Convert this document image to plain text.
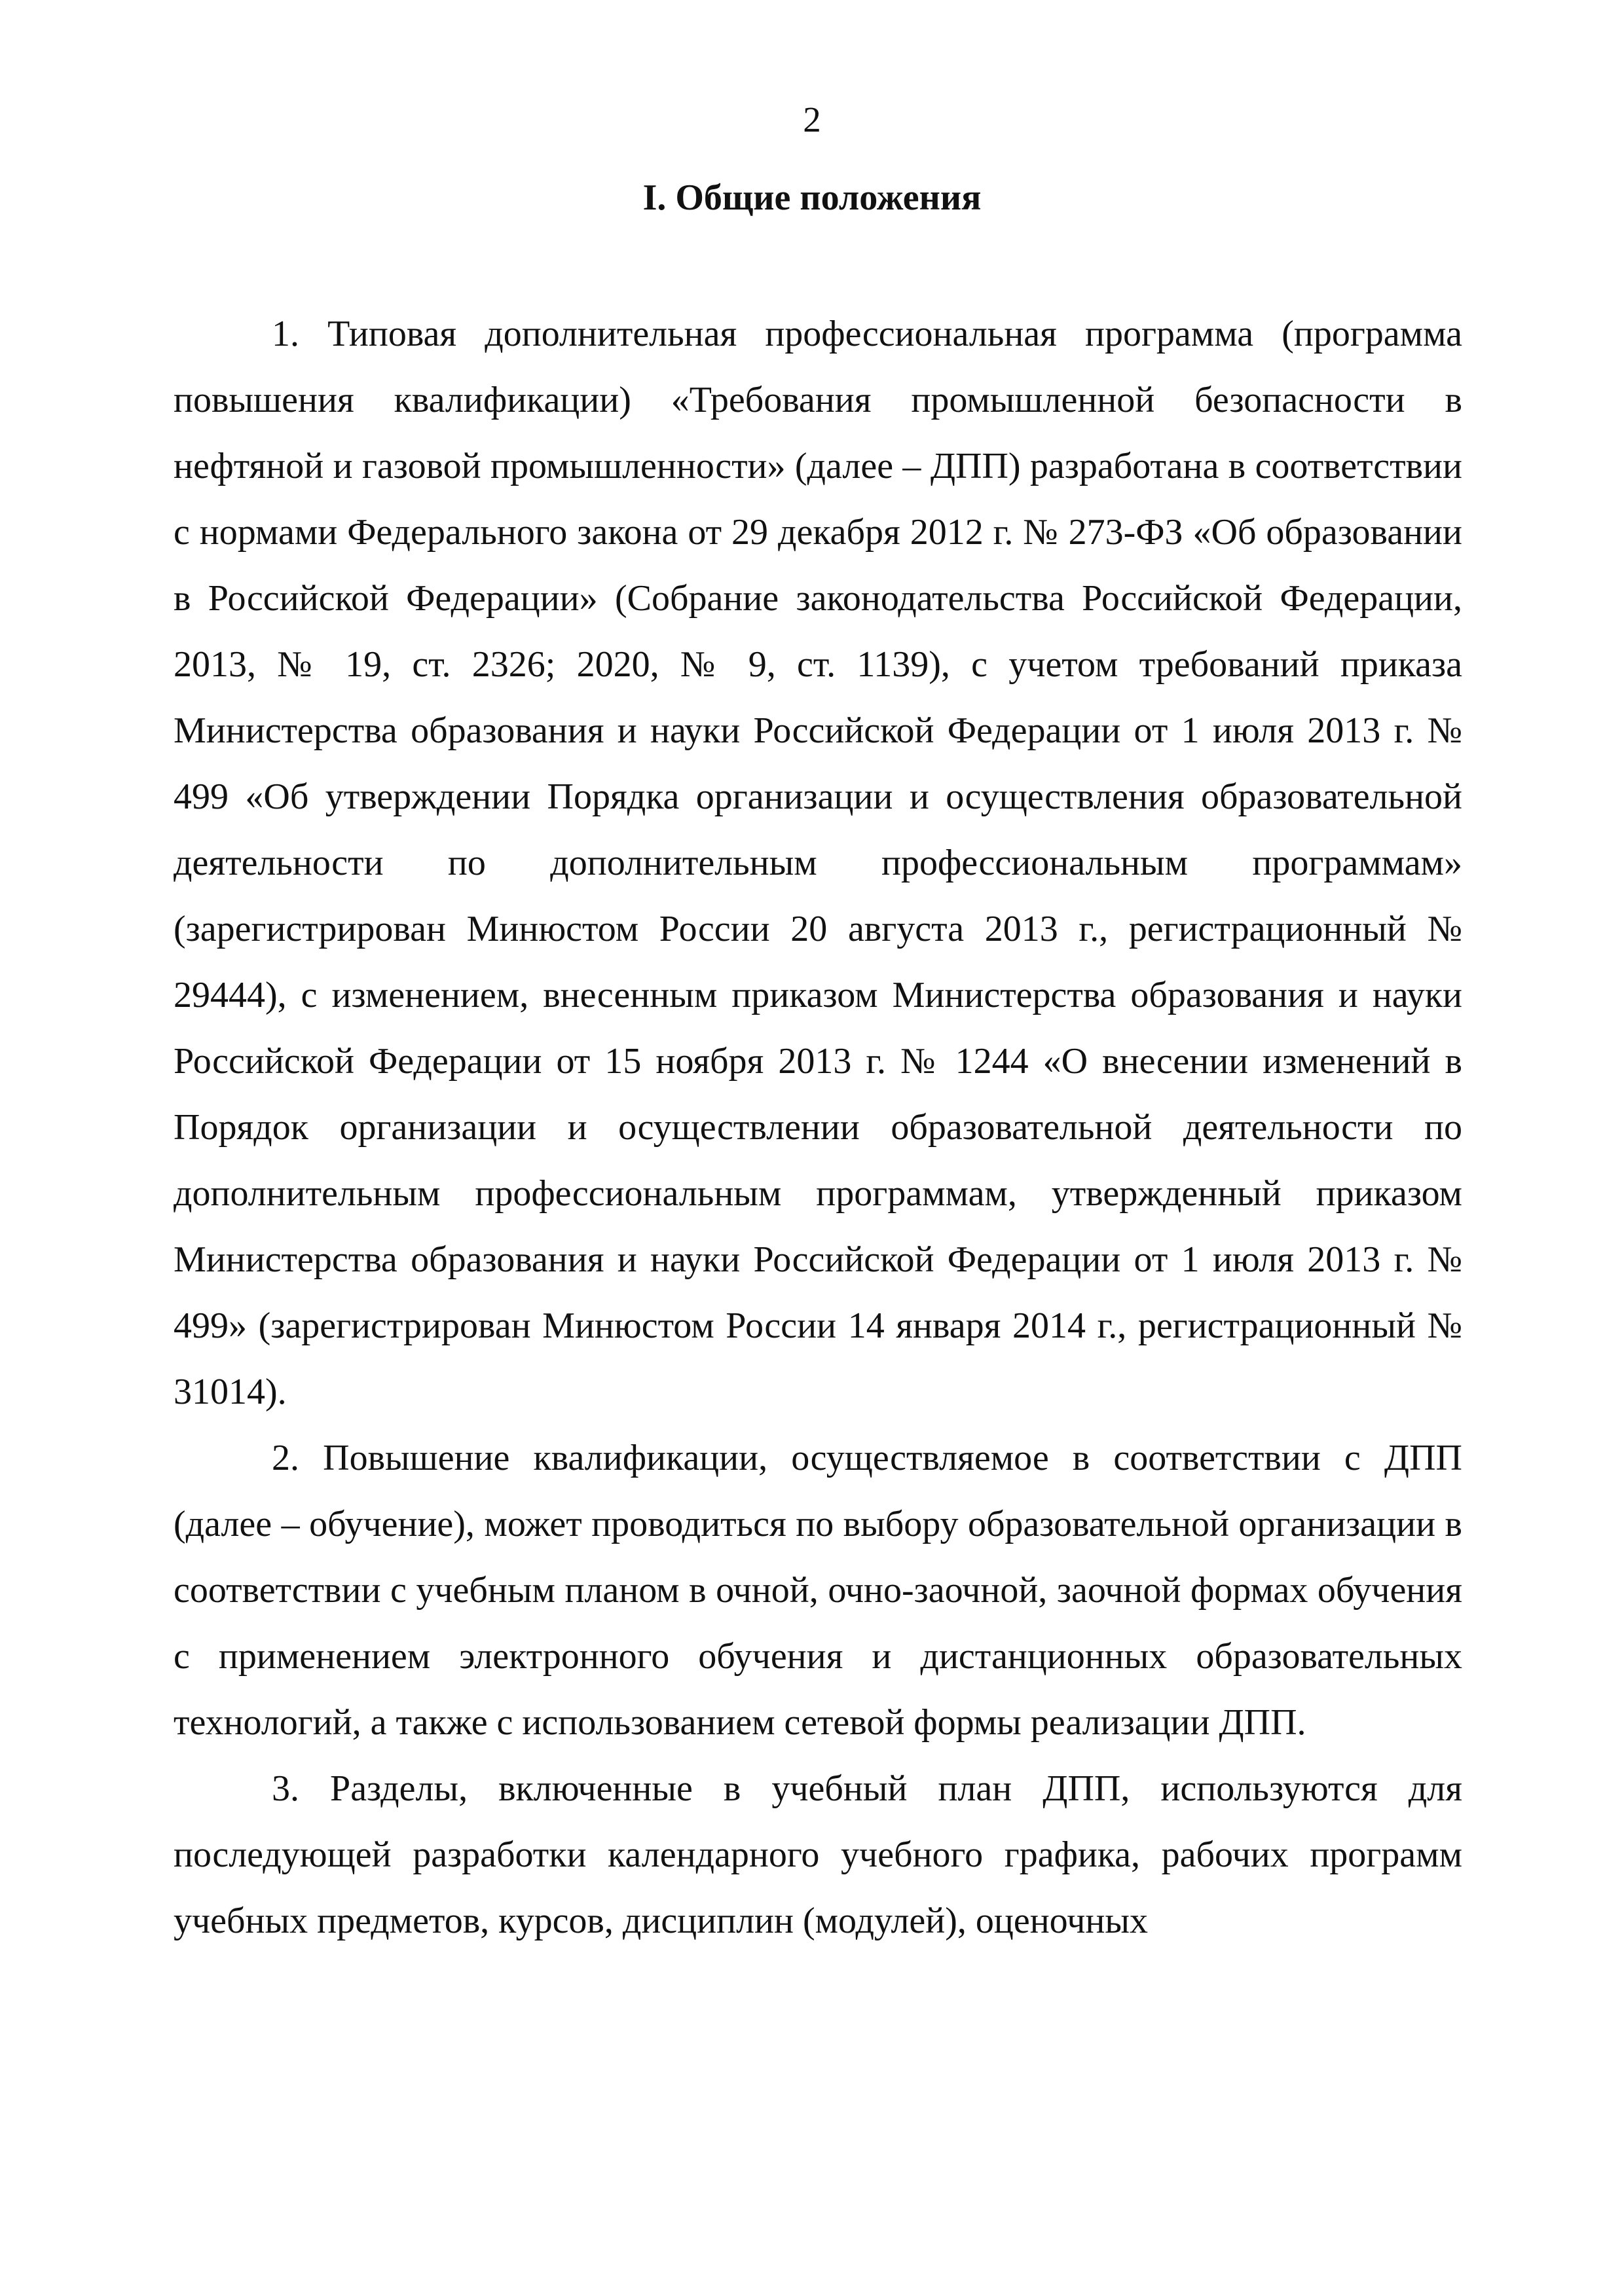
2
I. Общие положения

1. Типовая дополнительная профессиональная программа (программа повышения квалификации) «Требования промышленной безопасности в нефтяной и газовой промышленности» (далее – ДПП) разработана в соответствии с нормами Федерального закона от 29 декабря 2012 г. № 273-ФЗ «Об образовании в Российской Федерации» (Собрание законодательства Российской Федерации, 2013, № 19, ст. 2326; 2020, № 9, ст. 1139), с учетом требований приказа Министерства образования и науки Российской Федерации от 1 июля 2013 г. № 499 «Об утверждении Порядка организации и осуществления образовательной деятельности по дополнительным профессиональным программам» (зарегистрирован Минюстом России 20 августа 2013 г., регистрационный № 29444), с изменением, внесенным приказом Министерства образования и науки Российской Федерации от 15 ноября 2013 г. № 1244 «О внесении изменений в Порядок организации и осуществлении образовательной деятельности по дополнительным профессиональным программам, утвержденный приказом Министерства образования и науки Российской Федерации от 1 июля 2013 г. № 499» (зарегистрирован Минюстом России 14 января 2014 г., регистрационный № 31014).

2. Повышение квалификации, осуществляемое в соответствии с ДПП (далее – обучение), может проводиться по выбору образовательной организации в соответствии с учебным планом в очной, очно-заочной, заочной формах обучения с применением электронного обучения и дистанционных образовательных технологий, а также с использованием сетевой формы реализации ДПП.

3. Разделы, включенные в учебный план ДПП, используются для последующей разработки календарного учебного графика, рабочих программ учебных предметов, курсов, дисциплин (модулей), оценочных
